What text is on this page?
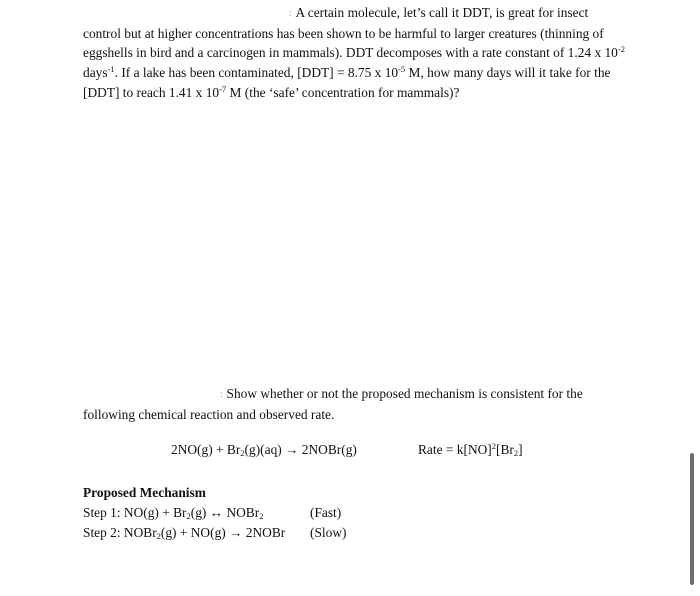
: A certain molecule, let’s call it DDT, is great for insect
control but at higher concentrations has been shown to be harmful to larger creatures (thinning of eggshells in bird and a carcinogen in mammals). DDT decomposes with a rate constant of 1.24 x $10^{-2}$ days$^{-1}$. If a lake has been contaminated, [DDT] = 8.75 x $10^{-5}$ M, how many days will it take for the [DDT] to reach 1.41 x $10^{-7}$ M (the ‘safe’ concentration for mammals)?
: Show whether or not the proposed mechanism is consistent for the
following chemical reaction and observed rate.
$2NO(g) + Br_2(g)(aq)$ → 2NOBr(g)	Rate = $k[NO]^2[Br_2]$
Proposed Mechanism
Step 1: $NO(g) + Br_2(g)$ ↔ NOBr$_2$	(Fast)
Step 2: NOBr$_2$(g) + NO(g) → 2NOBr (Slow)
